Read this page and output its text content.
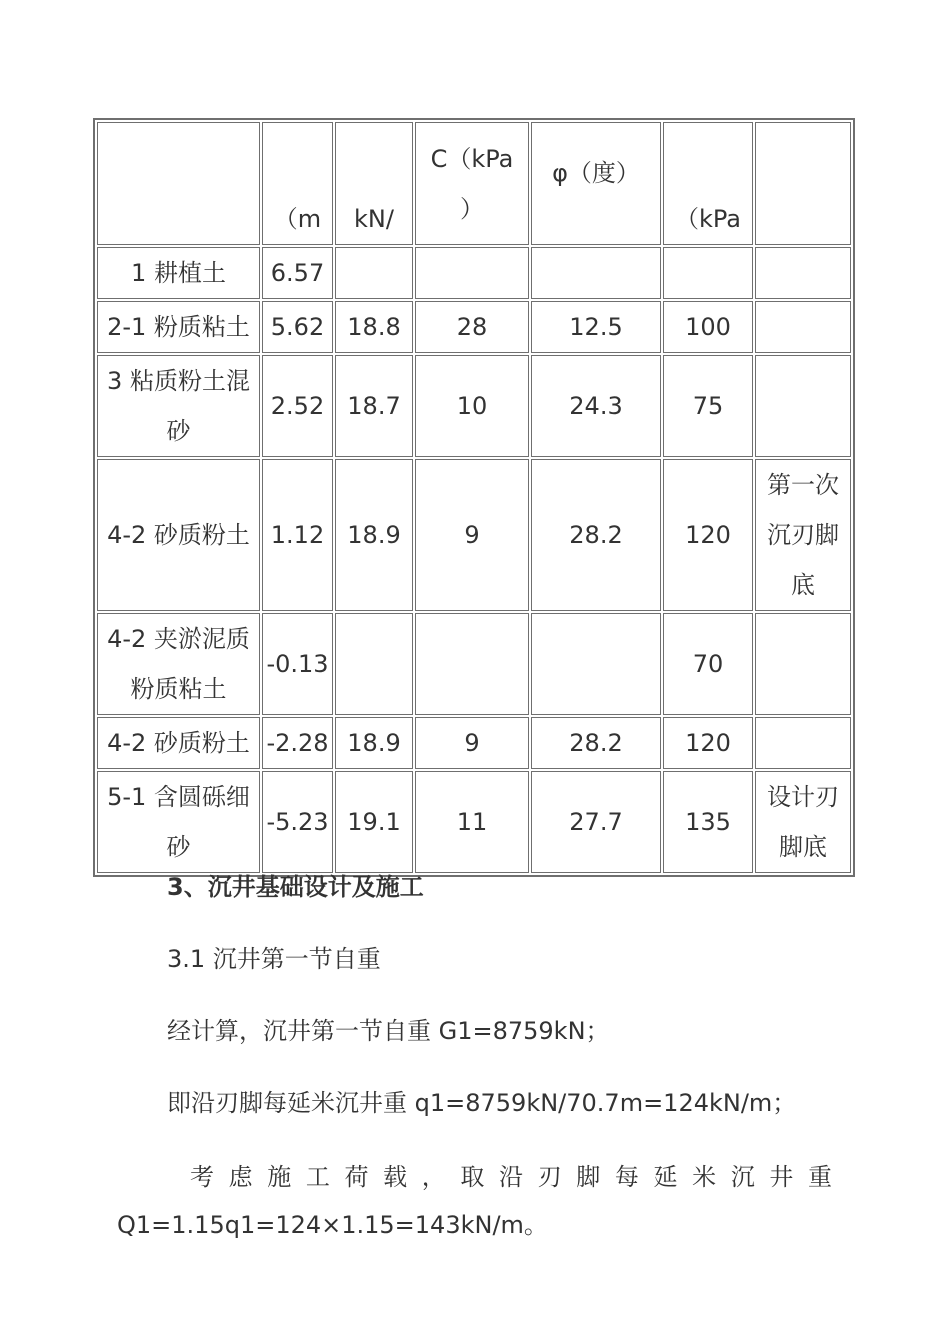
	（m	kN/	C（kPa
）	φ（度）	（kPa	

1 耕植土	6.57					
2-1 粉质粘土	5.62	18.8	28	12.5	100	
3 粘质粉土混砂	2.52	18.7	10	24.3	75	
4-2 砂质粉土	1.12	18.9	9	28.2	120	第一次沉刃脚底
4-2 夹淤泥质粉质粘土	-0.13				70	
4-2 砂质粉土	-2.28	18.9	9	28.2	120	
5-1 含圆砾细砂	-5.23	19.1	11	27.7	135	设计刃脚底
3、沉井基础设计及施工
3.1 沉井第一节自重
经计算，沉井第一节自重 G1=8759kN；
即沿刃脚每延米沉井重 q1=8759kN/70.7m=124kN/m；
考 虑 施 工 荷 载 ， 取 沿 刃 脚 每 延 米 沉 井 重
Q1=1.15q1=124×1.15=143kN/m。
